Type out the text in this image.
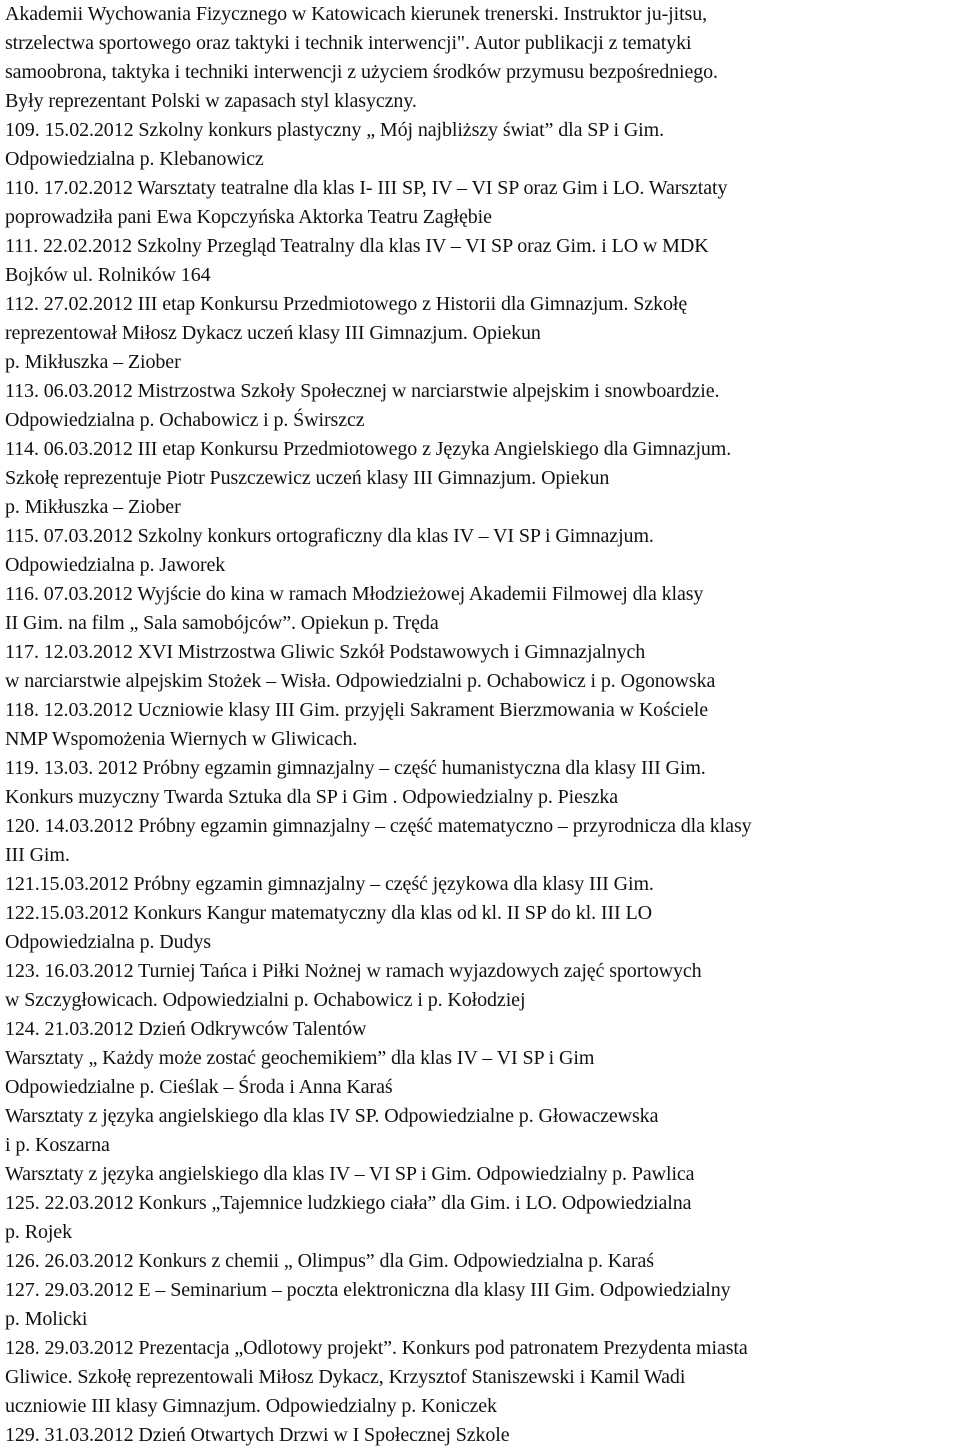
Akademii Wychowania Fizycznego w Katowicach kierunek trenerski. Instruktor ju-jitsu,
strzelectwa sportowego oraz taktyki i technik interwencji". Autor publikacji z tematyki
samoobrona, taktyka i techniki interwencji z użyciem środków przymusu bezpośredniego.
Były reprezentant Polski w zapasach styl klasyczny.
109. 15.02.2012 Szkolny konkurs plastyczny „ Mój najbliższy świat” dla SP i Gim.
Odpowiedzialna p. Klebanowicz
110. 17.02.2012 Warsztaty teatralne dla klas I- III SP, IV – VI SP oraz Gim i LO. Warsztaty
poprowadziła pani Ewa Kopczyńska Aktorka Teatru Zagłębie
111. 22.02.2012 Szkolny Przegląd Teatralny dla klas IV – VI SP oraz Gim. i LO w MDK
Bojków ul. Rolników 164
112. 27.02.2012 III etap Konkursu Przedmiotowego z Historii dla Gimnazjum. Szkołę
reprezentował Miłosz Dykacz uczeń klasy III Gimnazjum. Opiekun
p. Mikłuszka – Ziober
113. 06.03.2012 Mistrzostwa Szkoły Społecznej w narciarstwie alpejskim i snowboardzie.
Odpowiedzialna p. Ochabowicz i p. Świrszcz
114. 06.03.2012 III etap Konkursu Przedmiotowego z Języka Angielskiego dla Gimnazjum.
Szkołę reprezentuje Piotr Puszczewicz uczeń klasy III Gimnazjum. Opiekun
p. Mikłuszka – Ziober
115. 07.03.2012 Szkolny konkurs ortograficzny dla klas IV – VI SP i Gimnazjum.
Odpowiedzialna p. Jaworek
116. 07.03.2012 Wyjście do kina w ramach Młodzieżowej Akademii Filmowej dla klasy
II Gim. na film „ Sala samobójców”. Opiekun p. Tręda
117. 12.03.2012 XVI Mistrzostwa Gliwic Szkół Podstawowych i Gimnazjalnych
w narciarstwie alpejskim Stożek – Wisła. Odpowiedzialni p. Ochabowicz i p. Ogonowska
118. 12.03.2012 Uczniowie klasy III Gim. przyjęli Sakrament Bierzmowania w Kościele
NMP Wspomożenia Wiernych w Gliwicach.
119. 13.03. 2012 Próbny egzamin gimnazjalny – część humanistyczna dla klasy III Gim.
Konkurs muzyczny Twarda Sztuka dla SP i Gim . Odpowiedzialny p. Pieszka
120. 14.03.2012 Próbny egzamin gimnazjalny – część matematyczno – przyrodnicza dla klasy
III Gim.
121.15.03.2012 Próbny egzamin gimnazjalny – część językowa dla klasy III Gim.
122.15.03.2012 Konkurs Kangur matematyczny dla klas od kl. II SP do kl. III LO
Odpowiedzialna p. Dudys
123. 16.03.2012 Turniej Tańca i Piłki Nożnej w ramach wyjazdowych zajęć sportowych
w Szczygłowicach. Odpowiedzialni p. Ochabowicz i p. Kołodziej
124. 21.03.2012 Dzień Odkrywców Talentów
Warsztaty „ Każdy może zostać geochemikiem” dla klas IV – VI SP i Gim
Odpowiedzialne p. Cieślak – Środa i Anna Karaś
Warsztaty z języka angielskiego dla klas IV SP. Odpowiedzialne p. Głowaczewska
i p. Koszarna
Warsztaty z języka angielskiego dla klas IV – VI SP i Gim. Odpowiedzialny p. Pawlica
125. 22.03.2012 Konkurs „Tajemnice ludzkiego ciała” dla Gim. i LO. Odpowiedzialna
p. Rojek
126. 26.03.2012 Konkurs z chemii „ Olimpus” dla Gim. Odpowiedzialna p. Karaś
127. 29.03.2012 E – Seminarium – poczta elektroniczna dla klasy III Gim. Odpowiedzialny
p. Molicki
128. 29.03.2012 Prezentacja „Odlotowy projekt”. Konkurs pod patronatem Prezydenta miasta
Gliwice. Szkołę reprezentowali Miłosz Dykacz, Krzysztof Staniszewski i Kamil Wadi
uczniowie III klasy Gimnazjum. Odpowiedzialny p. Koniczek
129. 31.03.2012 Dzień Otwartych Drzwi w I Społecznej Szkole
